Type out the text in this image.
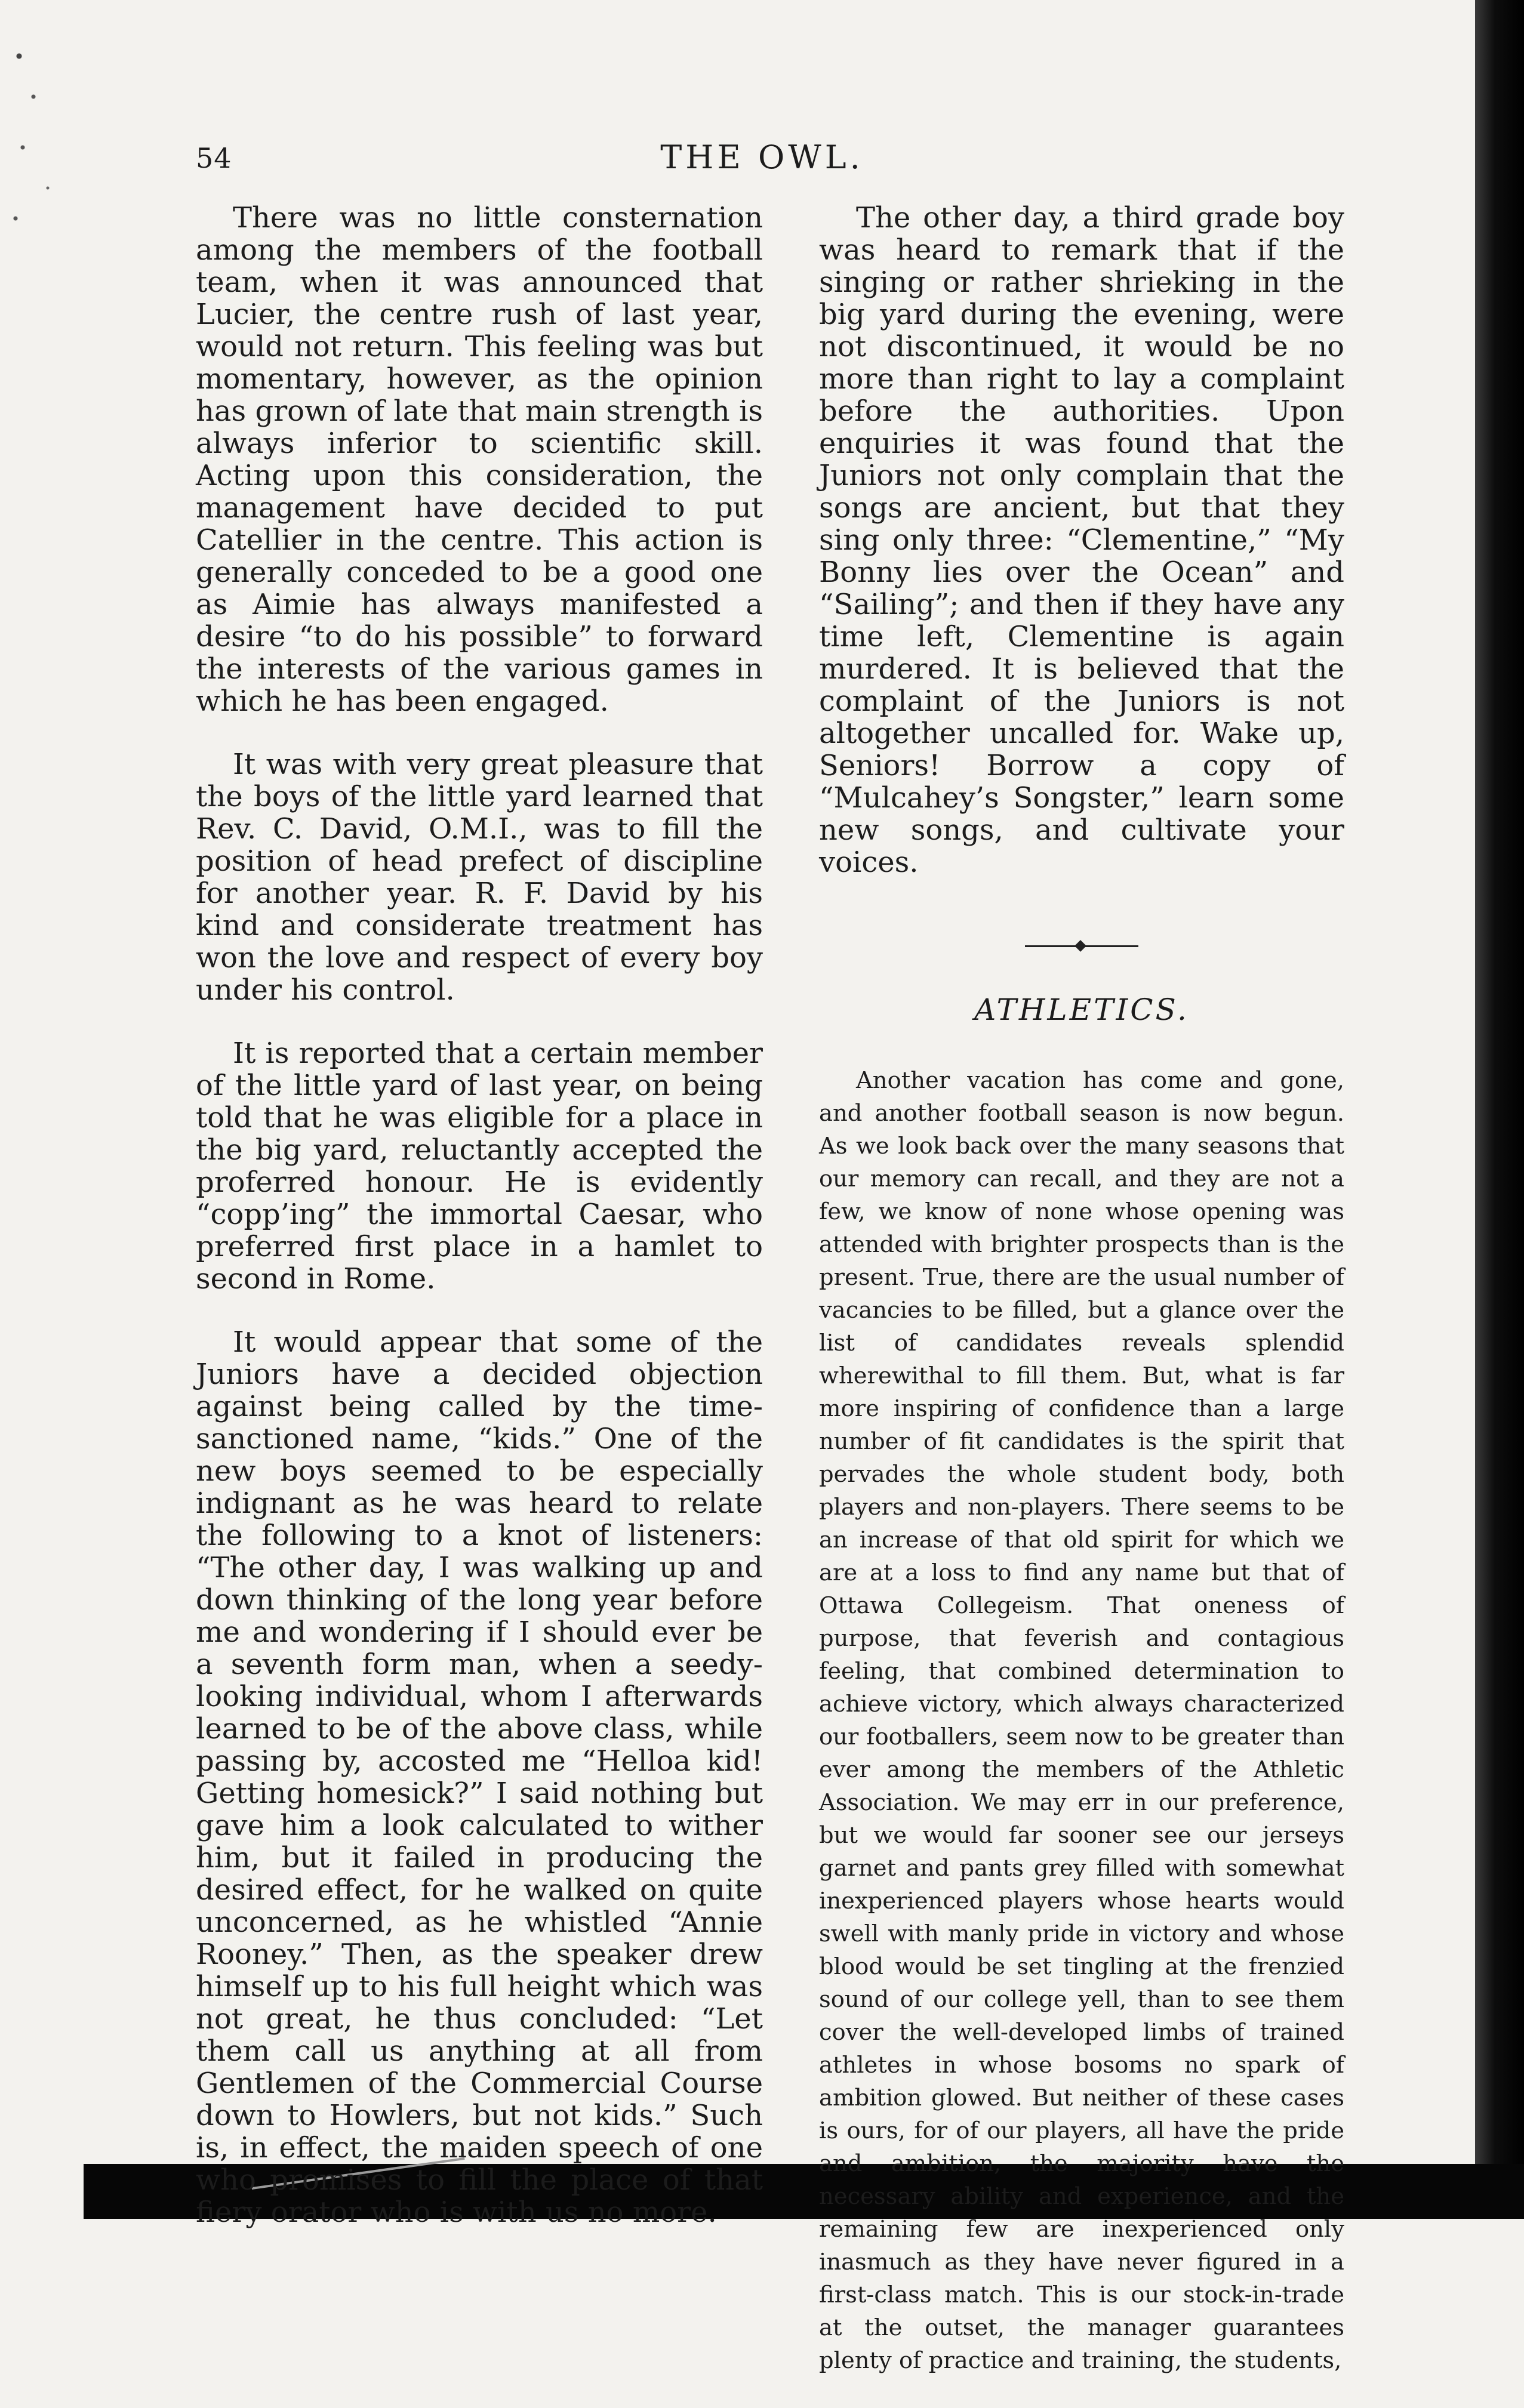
54	THE OWL.

There was no little consternation among the members of the football team, when it was announced that Lucier, the centre rush of last year, would not return. This feeling was but momentary, however, as the opinion has grown of late that main strength is always inferior to scientific skill. Acting upon this consideration, the management have decided to put Catellier in the centre. This action is generally conceded to be a good one as Aimie has always manifested a desire “to do his possible” to forward the interests of the various games in which he has been engaged.

It was with very great pleasure that the boys of the little yard learned that Rev. C. David, O.M.I., was to fill the position of head prefect of discipline for another year. R. F. David by his kind and considerate treatment has won the love and respect of every boy under his control.

It is reported that a certain member of the little yard of last year, on being told that he was eligible for a place in the big yard, reluctantly accepted the proferred honour. He is evidently “copp’ing” the immortal Caesar, who preferred first place in a hamlet to second in Rome.

It would appear that some of the Juniors have a decided objection against being called by the time-sanctioned name, “kids.” One of the new boys seemed to be especially indignant as he was heard to relate the following to a knot of listeners: “The other day, I was walking up and down thinking of the long year before me and wondering if I should ever be a seventh form man, when a seedy-looking individual, whom I afterwards learned to be of the above class, while passing by, accosted me “Helloa kid! Getting homesick?” I said nothing but gave him a look calculated to wither him, but it failed in producing the desired effect, for he walked on quite unconcerned, as he whistled “Annie Rooney.” Then, as the speaker drew himself up to his full height which was not great, he thus concluded: “Let them call us anything at all from Gentlemen of the Commercial Course down to Howlers, but not kids.” Such is, in effect, the maiden speech of one who promises to fill the place of that fiery orator who is with us no more.

The other day, a third grade boy was heard to remark that if the singing or rather shrieking in the big yard during the evening, were not discontinued, it would be no more than right to lay a complaint before the authorities. Upon enquiries it was found that the Juniors not only complain that the songs are ancient, but that they sing only three: “Clementine,” “My Bonny lies over the Ocean” and “Sailing”; and then if they have any time left, Clementine is again murdered. It is believed that the complaint of the Juniors is not altogether uncalled for. Wake up, Seniors! Borrow a copy of “Mulcahey’s Songster,” learn some new songs, and cultivate your voices.

ATHLETICS.

Another vacation has come and gone, and another football season is now begun. As we look back over the many seasons that our memory can recall, and they are not a few, we know of none whose opening was attended with brighter prospects than is the present. True, there are the usual number of vacancies to be filled, but a glance over the list of candidates reveals splendid wherewithal to fill them. But, what is far more inspiring of confidence than a large number of fit candidates is the spirit that pervades the whole student body, both players and non-players. There seems to be an increase of that old spirit for which we are at a loss to find any name but that of Ottawa Collegeism. That oneness of purpose, that feverish and contagious feeling, that combined determination to achieve victory, which always characterized our footballers, seem now to be greater than ever among the members of the Athletic Association. We may err in our preference, but we would far sooner see our jerseys garnet and pants grey filled with somewhat inexperienced players whose hearts would swell with manly pride in victory and whose blood would be set tingling at the frenzied sound of our college yell, than to see them cover the well-developed limbs of trained athletes in whose bosoms no spark of ambition glowed. But neither of these cases is ours, for of our players, all have the pride and ambition, the majority have the necessary ability and experience, and the remaining few are inexperienced only inasmuch as they have never figured in a first-class match. This is our stock-in-trade at the outset, the manager guarantees plenty of practice and training, the students,
